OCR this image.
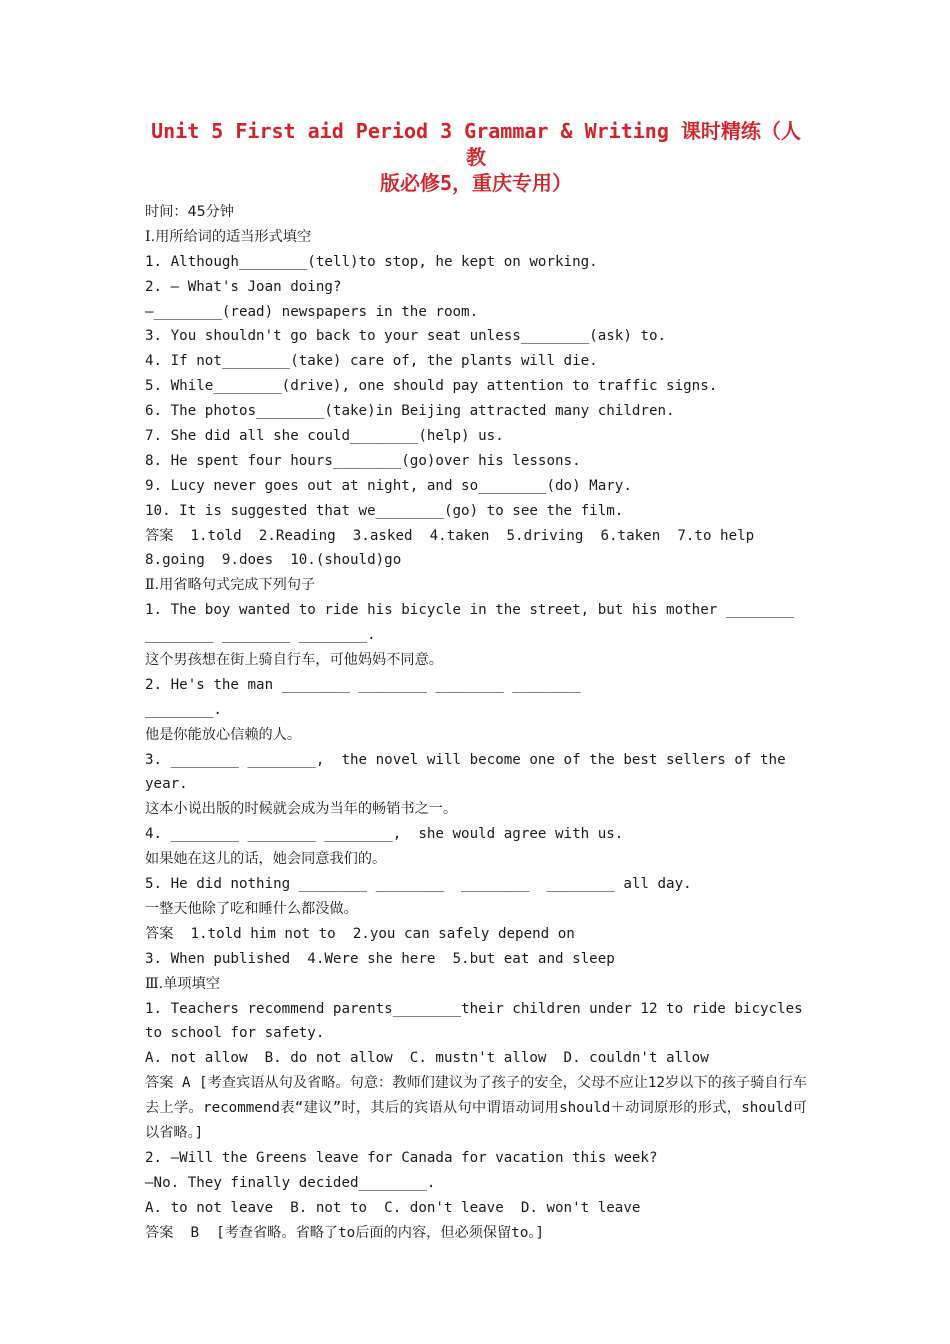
Unit 5 First aid Period 3 Grammar & Writing 课时精练（人教
版必修5，重庆专用）
时间：45分钟
Ⅰ.用所给词的适当形式填空
1. Although________(tell)to stop, he kept on working.
2. — What's Joan doing?
—________(read) newspapers in the room.
3. You shouldn't go back to your seat unless________(ask) to.
4. If not________(take) care of, the plants will die.
5. While________(drive), one should pay attention to traffic signs.
6. The photos________(take)in Beijing attracted many children.
7. She did all she could________(help) us.
8. He spent four hours________(go)over his lessons.
9. Lucy never goes out at night, and so________(do) Mary.
10. It is suggested that we________(go) to see the film.
答案  1.told  2.Reading  3.asked  4.taken  5.driving  6.taken  7.to help
8.going  9.does  10.(should)go
Ⅱ.用省略句式完成下列句子
1. The boy wanted to ride his bicycle in the street, but his mother ________
________ ________ ________.
这个男孩想在街上骑自行车，可他妈妈不同意。
2. He's the man ________ ________ ________ ________
________.
他是你能放心信赖的人。
3. ________ ________,  the novel will become one of the best sellers of the
year.
这本小说出版的时候就会成为当年的畅销书之一。
4. ________ ________ ________,  she would agree with us.
如果她在这儿的话，她会同意我们的。
5. He did nothing ________ ________  ________  ________ all day.
一整天他除了吃和睡什么都没做。
答案  1.told him not to  2.you can safely depend on
3. When published  4.Were she here  5.but eat and sleep
Ⅲ.单项填空
1. Teachers recommend parents________their children under 12 to ride bicycles
to school for safety.
A. not allow  B. do not allow  C. mustn't allow  D. couldn't allow
答案 A [考查宾语从句及省略。句意：教师们建议为了孩子的安全，父母不应让12岁以下的孩子骑自行车去上学。recommend表“建议”时，其后的宾语从句中谓语动词用should＋动词原形的形式，should可以省略。]
2. —Will the Greens leave for Canada for vacation this week?
—No. They finally decided________.
A. to not leave  B. not to  C. don't leave  D. won't leave
答案  B  [考查省略。省略了to后面的内容，但必须保留to。]
